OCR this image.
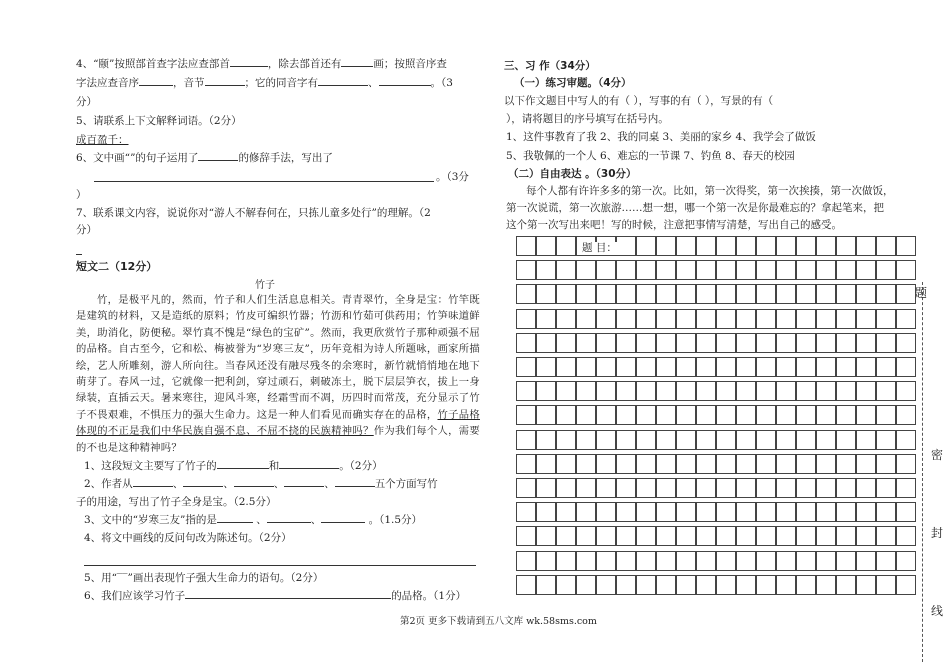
4、“颐”按照部首查字法应查部首	，除去部首还有	画；按照音序查
字法应查音序	，音节	；它的同音字有	、	。（3
分）
5、请联系上下文解释词语。（2分）
成百盈千：
6、文中画“”的句子运用了	的修辞手法，写出了
。（3分
）
7、联系课文内容，说说你对“游人不解春何在，只拣儿童多处行”的理解。（2
分）
短文二（12分）
竹子
竹，是极平凡的，然而，竹子和人们生活息息相关。青青翠竹，全身是宝：竹竿既是建筑的材料，又是造纸的原料；竹皮可编织竹器；竹沥和竹茹可供药用；竹笋味道鲜美，助消化，防便秘。翠竹真不愧是“绿色的宝矿”。然而，我更欣赏竹子那种顽强不屈的品格。自古至今，它和松、梅被誉为“岁寒三友”，历年竞相为诗人所题咏，画家所描绘，艺人所雕刻，游人所向往。当春风还没有融尽残冬的余寒时，新竹就悄悄地在地下萌芽了。春风一过，它就像一把利剑，穿过顽石，刺破冻土，脱下层层笋衣，拔上一身绿装，直插云天。暑来寒往，迎风斗寒，经霜雪而不凋，历四时而常茂，充分显示了竹子不畏艰难，不惧压力的强大生命力。这是一种人们看见而确实存在的品格，竹子品格体现的不正是我们中华民族自强不息、不屈不挠的民族精神吗？作为我们每个人，需要的不也是这种精神吗？
1、这段短文主要写了竹子的	和	。（2分）
2、作者从	、	、	、	、	五个方面写竹
子的用途，写出了竹子全身是宝。（2.5分）
3、文中的“岁寒三友”指的是	、	、	。（1.5分）
4、将文中画线的反问句改为陈述句。（2分）
5、用“‾‾”画出表现竹子强大生命力的语句。（2分）
6、我们应该学习竹子	的品格。（1分）
三、习 作（34分）
（一）练习审题。（4分）
以下作文题目中写人的有（ ），写事的有（ ），写景的有（
），请将题目的序号填写在括号内。
1、这件事教育了我 2、我的同桌 3、美丽的家乡 4、我学会了做饭
5、我敬佩的一个人 6、难忘的一节课 7、钓鱼 8、春天的校园
（二）自由表达 。（30分）
每个人都有许许多多的第一次。比如，第一次得奖，第一次挨揍，第一次做饭，
第一次说谎，第一次旅游……想一想，哪一个第一次是你最难忘的？拿起笔来，把
这个第一次写出来吧！写的时候，注意把事情写清楚，写出自己的感受。
题 目：
题
密
封
线
第2页 更多下载请到五八文库 wk.58sms.com
